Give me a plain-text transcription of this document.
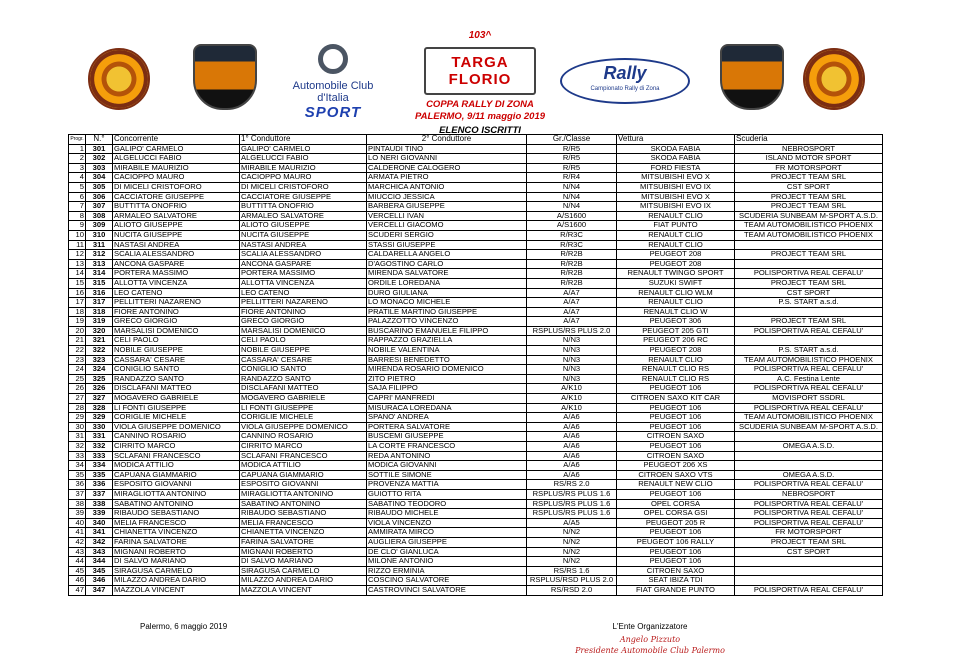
Automobile Club d'Italia
SPORT
103^
TARGA FLORIO
COPPA RALLY DI ZONA
PALERMO, 9/11 maggio 2019
ELENCO ISCRITTI
Rally
Campionato Rally di Zona
Progr.	N.°	Concorrente	1° Conduttore	2° Conduttore	Gr./Classe	Vettura	Scuderia
1	301	GALIPO' CARMELO	GALIPO' CARMELO	PINTAUDI TINO	R/R5	SKODA FABIA	NEBROSPORT
2	302	ALGELUCCI FABIO	ALGELUCCI FABIO	LO NERI GIOVANNI	R/R5	SKODA FABIA	ISLAND MOTOR SPORT
3	303	MIRABILE MAURIZIO	MIRABILE MAURIZIO	CALDERONE CALOGERO	R/R5	FORD FIESTA	FR MOTORSPORT
4	304	CACIOPPO MAURO	CACIOPPO MAURO	ARMATA PIETRO	R/R4	MITSUBISHI EVO X	PROJECT TEAM SRL
5	305	DI MICELI CRISTOFORO	DI MICELI CRISTOFORO	MARCHICA ANTONIO	N/N4	MITSUBISHI EVO IX	CST SPORT
6	306	CACCIATORE GIUSEPPE	CACCIATORE GIUSEPPE	MIUCCIO JESSICA	N/N4	MITSUBISHI EVO X	PROJECT TEAM SRL
7	307	BUTTITTA ONOFRIO	BUTTITTA ONOFRIO	BARBERA GIUSEPPE	N/N4	MITSUBISHI EVO IX	PROJECT TEAM SRL
8	308	ARMALEO SALVATORE	ARMALEO SALVATORE	VERCELLI IVAN	A/S1600	RENAULT CLIO	SCUDERIA SUNBEAM M-SPORT A.S.D.
9	309	ALIOTO GIUSEPPE	ALIOTO GIUSEPPE	VERCELLI GIACOMO	A/S1600	FIAT PUNTO	TEAM AUTOMOBILISTICO PHOENIX
10	310	NUCITA GIUSEPPE	NUCITA GIUSEPPE	SCUDERI SERGIO	R/R3C	RENAULT CLIO	TEAM AUTOMOBILISTICO PHOENIX
11	311	NASTASI ANDREA	NASTASI ANDREA	STASSI GIUSEPPE	R/R3C	RENAULT CLIO	
12	312	SCALIA ALESSANDRO	SCALIA ALESSANDRO	CALDARELLA ANGELO	R/R2B	PEUGEOT 208	PROJECT TEAM SRL
13	313	ANCONA GASPARE	ANCONA GASPARE	D'AGOSTINO CARLO	R/R2B	PEUGEOT 208	
14	314	PORTERA MASSIMO	PORTERA MASSIMO	MIRENDA SALVATORE	R/R2B	RENAULT TWINGO SPORT	POLISPORTIVA REAL CEFALU'
15	315	ALLOTTA VINCENZA	ALLOTTA VINCENZA	ORDILE LOREDANA	R/R2B	SUZUKI SWIFT	PROJECT TEAM SRL
16	316	LEO CATENO	LEO CATENO	DURO GIULIANA	A/A7	RENAULT CLIO WLM	CST SPORT
17	317	PELLITTERI NAZARENO	PELLITTERI NAZARENO	LO MONACO MICHELE	A/A7	RENAULT CLIO	P.S. START a.s.d.
18	318	FIORE ANTONINO	FIORE ANTONINO	PRATILE MARTINO GIUSEPPE	A/A7	RENAULT CLIO W	
19	319	GRECO GIORGIO	GRECO GIORGIO	PALAZZOTTO VINCENZO	A/A7	PEUGEOT 306	PROJECT TEAM SRL
20	320	MARSALISI DOMENICO	MARSALISI DOMENICO	BUSCARINO EMANUELE FILIPPO	RSPLUS/RS PLUS 2.0	PEUGEOT 205 GTI	POLISPORTIVA REAL CEFALU'
21	321	CELI PAOLO	CELI PAOLO	RAPPAZZO GRAZIELLA	N/N3	PEUGEOT 206 RC	
22	322	NOBILE GIUSEPPE	NOBILE GIUSEPPE	NOBILE VALENTINA	N/N3	PEUGEOT 208	P.S. START a.s.d.
23	323	CASSARA' CESARE	CASSARA' CESARE	BARRESI BENEDETTO	N/N3	RENAULT CLIO	TEAM AUTOMOBILISTICO PHOENIX
24	324	CONIGLIO SANTO	CONIGLIO SANTO	MIRENDA ROSARIO DOMENICO	N/N3	RENAULT CLIO RS	POLISPORTIVA REAL CEFALU'
25	325	RANDAZZO SANTO	RANDAZZO SANTO	ZITO PIETRO	N/N3	RENAULT CLIO RS	A.C. Festina Lente
26	326	DISCLAFANI MATTEO	DISCLAFANI MATTEO	SAJA FILIPPO	A/K10	PEUGEOT 106	POLISPORTIVA REAL CEFALU'
27	327	MOGAVERO GABRIELE	MOGAVERO GABRIELE	CAPRI' MANFREDI	A/K10	CITROEN SAXO KIT CAR	MOVISPORT SSDRL
28	328	LI FONTI GIUSEPPE	LI FONTI GIUSEPPE	MISURACA LOREDANA	A/K10	PEUGEOT 106	POLISPORTIVA REAL CEFALU'
29	329	CORIGLIE MICHELE	CORIGLIE MICHELE	SPANO' ANDREA	A/A6	PEUGEOT 106	TEAM AUTOMOBILISTICO PHOENIX
30	330	VIOLA GIUSEPPE DOMENICO	VIOLA GIUSEPPE DOMENICO	PORTERA SALVATORE	A/A6	PEUGEOT 106	SCUDERIA SUNBEAM M-SPORT A.S.D.
31	331	CANNINO ROSARIO	CANNINO ROSARIO	BUSCEMI GIUSEPPE	A/A6	CITROEN SAXO	
32	332	CIRRITO MARCO	CIRRITO MARCO	LA CORTE FRANCESCO	A/A6	PEUGEOT 106	OMEGA A.S.D.
33	333	SCLAFANI FRANCESCO	SCLAFANI FRANCESCO	REDA ANTONINO	A/A6	CITROEN SAXO	
34	334	MODICA ATTILIO	MODICA ATTILIO	MODICA GIOVANNI	A/A6	PEUGEOT 206 XS	
35	335	CAPUANA GIAMMARIO	CAPUANA GIAMMARIO	SOTTILE SIMONE	A/A6	CITROEN SAXO VTS	OMEGA A.S.D.
36	336	ESPOSITO GIOVANNI	ESPOSITO GIOVANNI	PROVENZA MATTIA	RS/RS 2.0	RENAULT NEW CLIO	POLISPORTIVA REAL CEFALU'
37	337	MIRAGLIOTTA ANTONINO	MIRAGLIOTTA ANTONINO	GUIOTTO RITA	RSPLUS/RS PLUS 1.6	PEUGEOT 106	NEBROSPORT
38	338	SABATINO ANTONINO	SABATINO ANTONINO	SABATINO TEODORO	RSPLUS/RS PLUS 1.6	OPEL CORSA	POLISPORTIVA REAL CEFALU'
39	339	RIBAUDO SEBASTIANO	RIBAUDO SEBASTIANO	RIBAUDO MICHELE	RSPLUS/RS PLUS 1.6	OPEL CORSA GSI	POLISPORTIVA REAL CEFALU'
40	340	MELIA FRANCESCO	MELIA FRANCESCO	VIOLA VINCENZO	A/A5	PEUGEOT 205 R	POLISPORTIVA REAL CEFALU'
41	341	CHIANETTA VINCENZO	CHIANETTA VINCENZO	AMMIRATA MIRCO	N/N2	PEUGEOT 106	FR MOTORSPORT
42	342	FARINA SALVATORE	FARINA SALVATORE	AUGLIERA GIUSEPPE	N/N2	PEUGEOT 106 RALLY	PROJECT TEAM SRL
43	343	MIGNANI ROBERTO	MIGNANI ROBERTO	DE CLO' GIANLUCA	N/N2	PEUGEOT 106	CST SPORT
44	344	DI SALVO MARIANO	DI SALVO MARIANO	MILONE ANTONIO	N/N2	PEUGEOT 106	
45	345	SIRAGUSA CARMELO	SIRAGUSA CARMELO	RIZZO ERMINIA	RS/RS 1.6	CITROEN SAXO	
46	346	MILAZZO ANDREA DARIO	MILAZZO ANDREA DARIO	COSCINO SALVATORE	RSPLUS/RSD PLUS 2.0	SEAT IBIZA TDI	
47	347	MAZZOLA VINCENT	MAZZOLA VINCENT	CASTROVINCI SALVATORE	RS/RSD 2.0	FIAT GRANDE PUNTO	POLISPORTIVA REAL CEFALU'
Palermo, 6 maggio 2019	L'Ente Organizzatore
Angelo Pizzuto
Presidente Automobile Club Palermo
